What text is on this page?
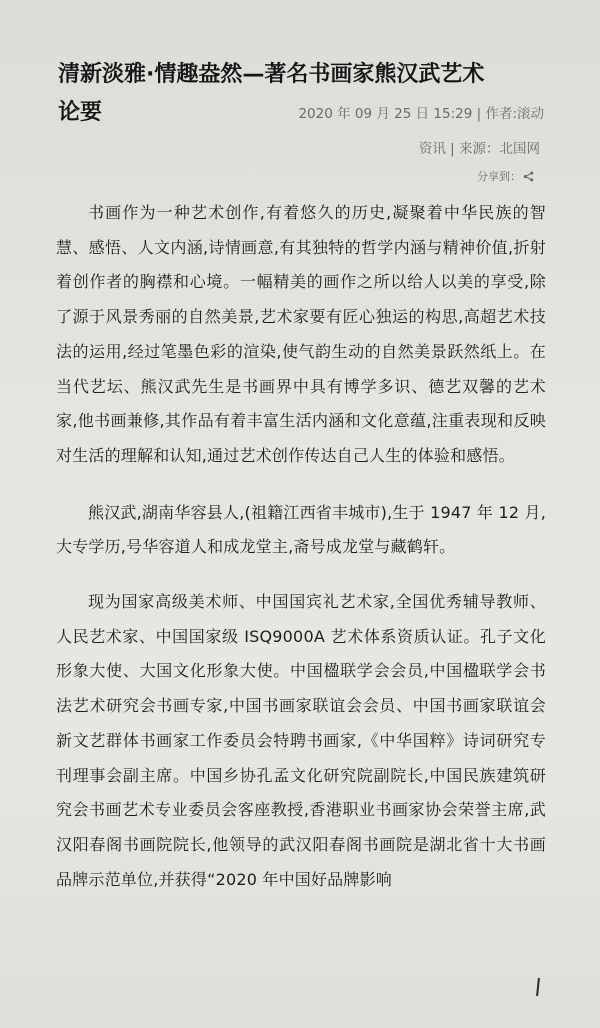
清新淡雅·情趣盎然—著名书画家熊汉武艺术
论要	2020 年 09 月 25 日 15:29 | 作者:滚动
资讯 | 来源：北国网
分享到：

书画作为一种艺术创作,有着悠久的历史,凝聚着中华民族的智慧、感悟、人文内涵,诗情画意,有其独特的哲学内涵与精神价值,折射着创作者的胸襟和心境。一幅精美的画作之所以给人以美的享受,除了源于风景秀丽的自然美景,艺术家要有匠心独运的构思,高超艺术技法的运用,经过笔墨色彩的渲染,使气韵生动的自然美景跃然纸上。在当代艺坛、熊汉武先生是书画界中具有博学多识、德艺双馨的艺术家,他书画兼修,其作品有着丰富生活内涵和文化意蕴,注重表现和反映对生活的理解和认知,通过艺术创作传达自己人生的体验和感悟。

熊汉武,湖南华容县人,(祖籍江西省丰城市),生于 1947 年 12 月,大专学历,号华容道人和成龙堂主,斋号成龙堂与藏鹤轩。

现为国家高级美术师、中国国宾礼艺术家,全国优秀辅导教师、人民艺术家、中国国家级 ISQ9000A 艺术体系资质认证。孔子文化形象大使、大国文化形象大使。中国楹联学会会员,中国楹联学会书法艺术研究会书画专家,中国书画家联谊会会员、中国书画家联谊会新文艺群体书画家工作委员会特聘书画家,《中华国粹》诗词研究专刊理事会副主席。中国乡协孔孟文化研究院副院长,中国民族建筑研究会书画艺术专业委员会客座教授,香港职业书画家协会荣誉主席,武汉阳春阁书画院院长,他领导的武汉阳春阁书画院是湖北省十大书画品牌示范单位,并获得“2020 年中国好品牌影响
